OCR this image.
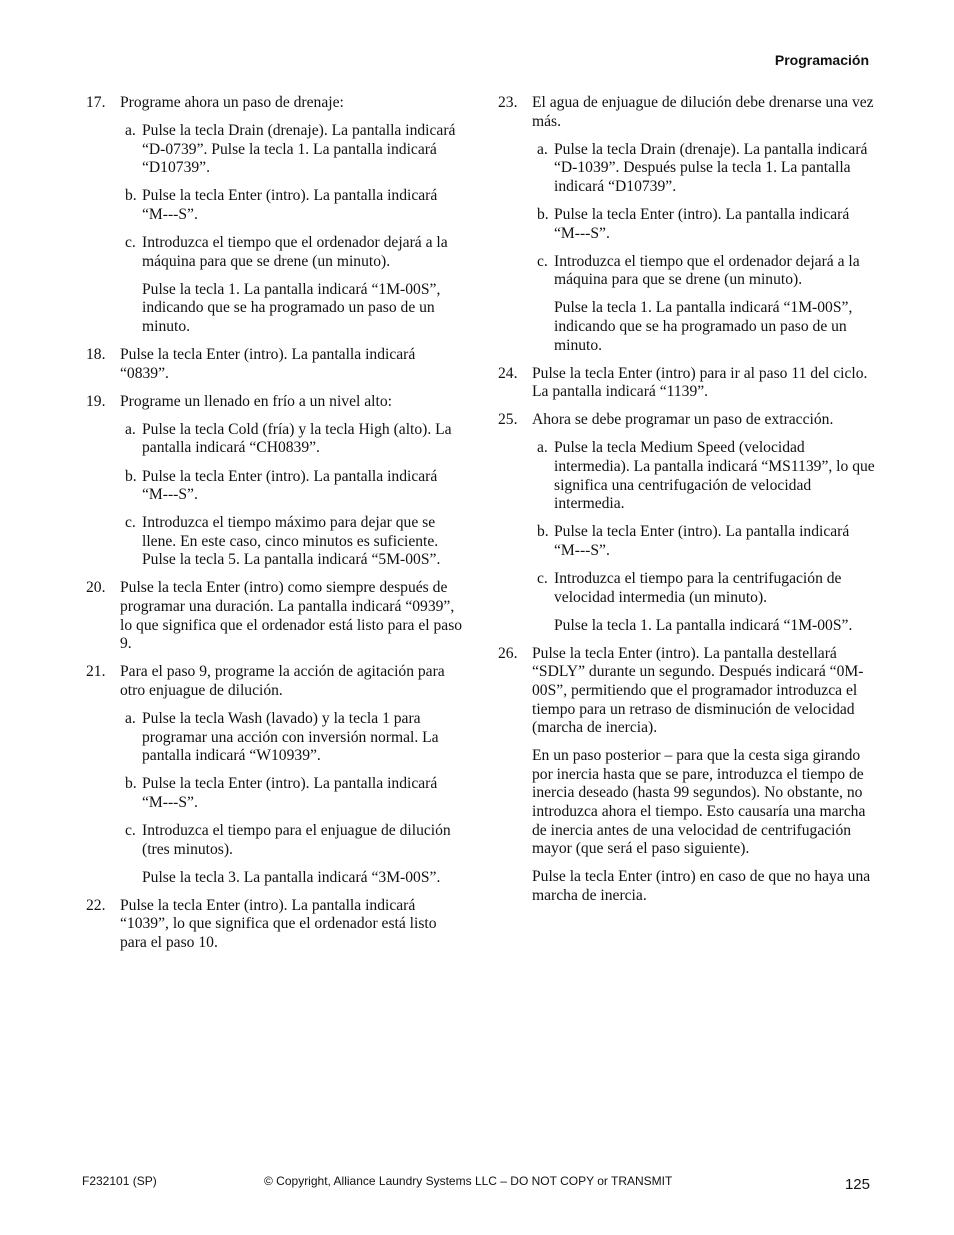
Programación
17. Programe ahora un paso de drenaje:
a. Pulse la tecla Drain (drenaje). La pantalla indicará “D-0739”. Pulse la tecla 1. La pantalla indicará “D10739”.
b. Pulse la tecla Enter (intro). La pantalla indicará “M---S”.
c. Introduzca el tiempo que el ordenador dejará a la máquina para que se drene (un minuto).
Pulse la tecla 1. La pantalla indicará “1M-00S”, indicando que se ha programado un paso de un minuto.
18. Pulse la tecla Enter (intro). La pantalla indicará “0839”.
19. Programe un llenado en frío a un nivel alto:
a. Pulse la tecla Cold (fría) y la tecla High (alto). La pantalla indicará “CH0839”.
b. Pulse la tecla Enter (intro). La pantalla indicará “M---S”.
c. Introduzca el tiempo máximo para dejar que se llene. En este caso, cinco minutos es suficiente. Pulse la tecla 5. La pantalla indicará “5M-00S”.
20. Pulse la tecla Enter (intro) como siempre después de programar una duración. La pantalla indicará “0939”, lo que significa que el ordenador está listo para el paso 9.
21. Para el paso 9, programe la acción de agitación para otro enjuague de dilución.
a. Pulse la tecla Wash (lavado) y la tecla 1 para programar una acción con inversión normal. La pantalla indicará “W10939”.
b. Pulse la tecla Enter (intro). La pantalla indicará “M---S”.
c. Introduzca el tiempo para el enjuague de dilución (tres minutos).
Pulse la tecla 3. La pantalla indicará “3M-00S”.
22. Pulse la tecla Enter (intro). La pantalla indicará “1039”, lo que significa que el ordenador está listo para el paso 10.
23. El agua de enjuague de dilución debe drenarse una vez más.
a. Pulse la tecla Drain (drenaje). La pantalla indicará “D-1039”. Después pulse la tecla 1. La pantalla indicará “D10739”.
b. Pulse la tecla Enter (intro). La pantalla indicará “M---S”.
c. Introduzca el tiempo que el ordenador dejará a la máquina para que se drene (un minuto).
Pulse la tecla 1. La pantalla indicará “1M-00S”, indicando que se ha programado un paso de un minuto.
24. Pulse la tecla Enter (intro) para ir al paso 11 del ciclo. La pantalla indicará “1139”.
25. Ahora se debe programar un paso de extracción.
a. Pulse la tecla Medium Speed (velocidad intermedia). La pantalla indicará “MS1139”, lo que significa una centrifugación de velocidad intermedia.
b. Pulse la tecla Enter (intro). La pantalla indicará “M---S”.
c. Introduzca el tiempo para la centrifugación de velocidad intermedia (un minuto).
Pulse la tecla 1. La pantalla indicará “1M-00S”.
26. Pulse la tecla Enter (intro). La pantalla destellará “SDLY” durante un segundo. Después indicará “0M-00S”, permitiendo que el programador introduzca el tiempo para un retraso de disminución de velocidad (marcha de inercia).
En un paso posterior – para que la cesta siga girando por inercia hasta que se pare, introduzca el tiempo de inercia deseado (hasta 99 segundos). No obstante, no introduzca ahora el tiempo. Esto causaría una marcha de inercia antes de una velocidad de centrifugación mayor (que será el paso siguiente).
Pulse la tecla Enter (intro) en caso de que no haya una marcha de inercia.
F232101 (SP)	© Copyright, Alliance Laundry Systems LLC – DO NOT COPY or TRANSMIT	125
